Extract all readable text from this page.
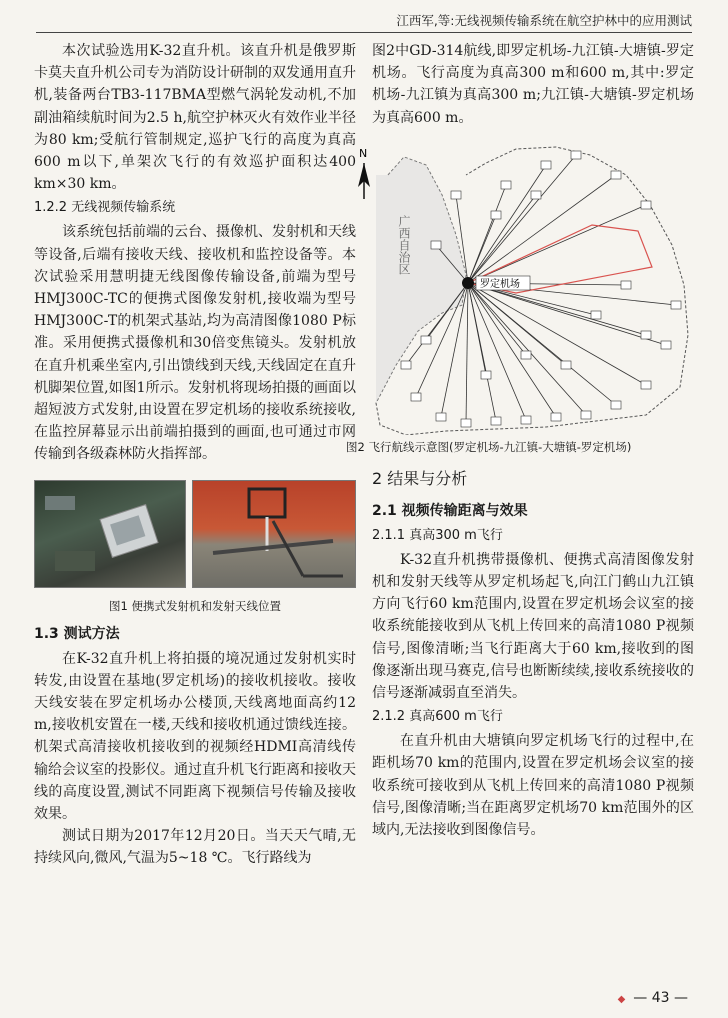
江西军,等:无线视频传输系统在航空护林中的应用测试

本次试验选用K-32直升机。该直升机是俄罗斯卡莫夫直升机公司专为消防设计研制的双发通用直升机,装备两台TB3-117BMA型燃气涡轮发动机,不加副油箱续航时间为2.5 h,航空护林灭火有效作业半径为80 km;受航行管制规定,巡护飞行的高度为真高600 m以下,单架次飞行的有效巡护面积达400 km×30 km。

1.2.2 无线视频传输系统

该系统包括前端的云台、摄像机、发射机和天线等设备,后端有接收天线、接收机和监控设备等。本次试验采用慧明捷无线图像传输设备,前端为型号HMJ300C-TC的便携式图像发射机,接收端为型号HMJ300C-T的机架式基站,均为高清图像1080 P标准。采用便携式摄像机和30倍变焦镜头。发射机放在直升机乘坐室内,引出馈线到天线,天线固定在直升机脚架位置,如图1所示。发射机将现场拍摄的画面以超短波方式发射,由设置在罗定机场的接收系统接收,在监控屏幕显示出前端拍摄到的画面,也可通过市网传输到各级森林防火指挥部。

图1 便携式发射机和发射天线位置
1.3 测试方法

在K-32直升机上将拍摄的境况通过发射机实时转发,由设置在基地(罗定机场)的接收机接收。接收天线安装在罗定机场办公楼顶,天线离地面高约12 m,接收机安置在一楼,天线和接收机通过馈线连接。机架式高清接收机接收到的视频经HDMI高清线传输给会议室的投影仪。通过直升机飞行距离和接收天线的高度设置,测试不同距离下视频信号传输及接收效果。

测试日期为2017年12月20日。当天天气晴,无持续风向,微风,气温为5~18 ℃。飞行路线为

图2中GD-314航线,即罗定机场-九江镇-大塘镇-罗定机场。飞行高度为真高300 m和600 m,其中:罗定机场-九江镇为真高300 m;九江镇-大塘镇-罗定机场为真高600 m。

N
广西自治区
罗定机场
图2 飞行航线示意图(罗定机场-九江镇-大塘镇-罗定机场)
2 结果与分析
2.1 视频传输距离与效果
2.1.1 真高300 m飞行

K-32直升机携带摄像机、便携式高清图像发射机和发射天线等从罗定机场起飞,向江门鹤山九江镇方向飞行60 km范围内,设置在罗定机场会议室的接收系统能接收到从飞机上传回来的高清1080 P视频信号,图像清晰;当飞行距离大于60 km,接收到的图像逐渐出现马赛克,信号也断断续续,接收系统接收的信号逐渐减弱直至消失。

2.1.2 真高600 m飞行

在直升机由大塘镇向罗定机场飞行的过程中,在距机场70 km的范围内,设置在罗定机场会议室的接收系统可接收到从飞机上传回来的高清1080 P视频信号,图像清晰;当在距离罗定机场70 km范围外的区域内,无法接收到图像信号。

◆ — 43 —
